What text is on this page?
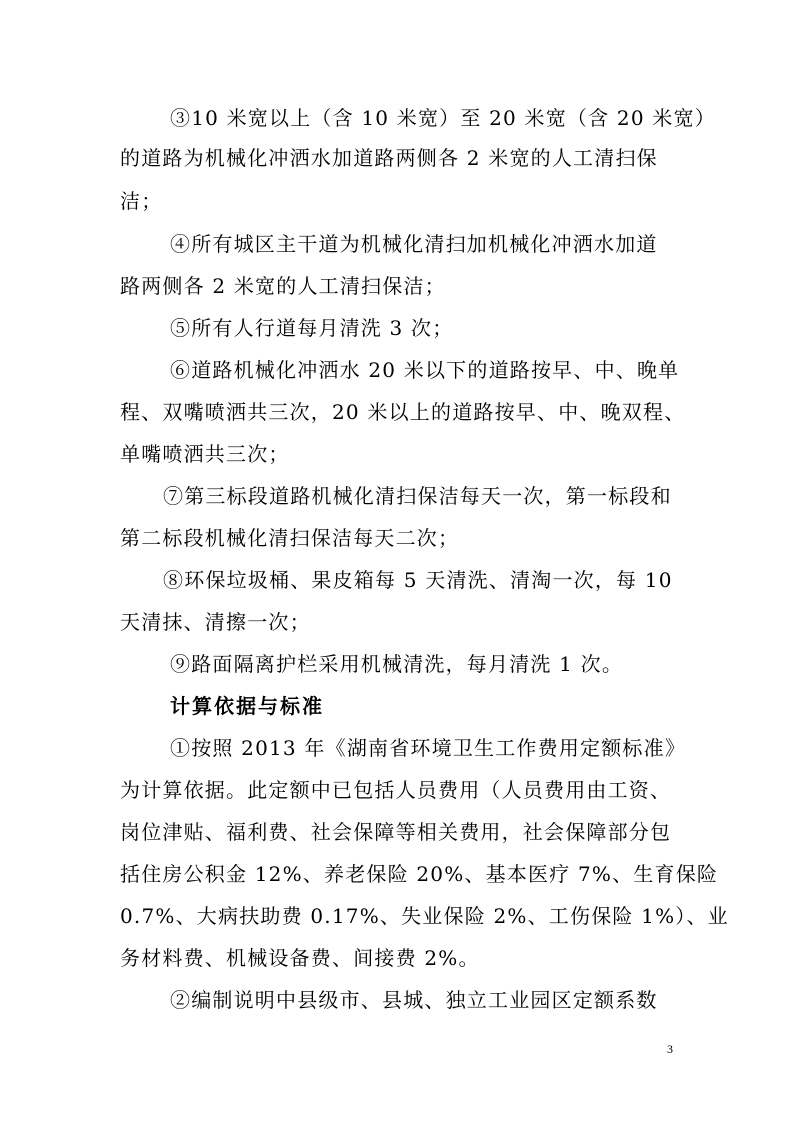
③10 米宽以上（含 10 米宽）至 20 米宽（含 20 米宽）
的道路为机械化冲洒水加道路两侧各 2 米宽的人工清扫保
洁；
④所有城区主干道为机械化清扫加机械化冲洒水加道
路两侧各 2 米宽的人工清扫保洁；
⑤所有人行道每月清洗 3 次；
⑥道路机械化冲洒水 20 米以下的道路按早、中、晚单
程、双嘴喷洒共三次，20 米以上的道路按早、中、晚双程、
单嘴喷洒共三次；
⑦第三标段道路机械化清扫保洁每天一次，第一标段和
第二标段机械化清扫保洁每天二次；
⑧环保垃圾桶、果皮箱每 5 天清洗、清淘一次，每 10
天清抹、清擦一次；
⑨路面隔离护栏采用机械清洗，每月清洗 1 次。
计算依据与标准
①按照 2013 年《湖南省环境卫生工作费用定额标准》
为计算依据。此定额中已包括人员费用（人员费用由工资、
岗位津贴、福利费、社会保障等相关费用，社会保障部分包
括住房公积金 12%、养老保险 20%、基本医疗 7%、生育保险
0.7%、大病扶助费 0.17%、失业保险 2%、工伤保险 1%）、业
务材料费、机械设备费、间接费 2%。
②编制说明中县级市、县城、独立工业园区定额系数
3
